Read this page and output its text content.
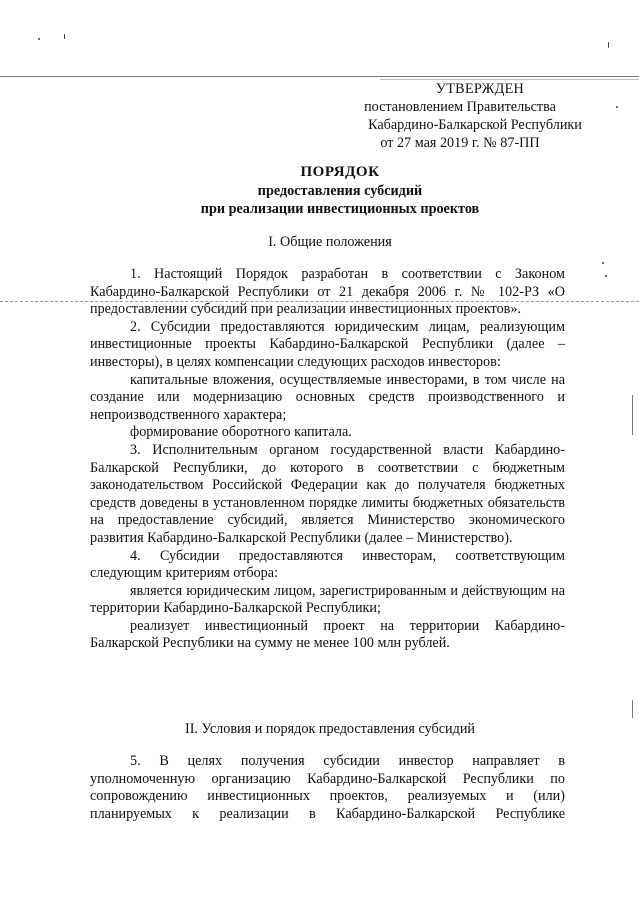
УТВЕРЖДЕН
постановлением Правительства
Кабардино-Балкарской Республики
от 27 мая 2019 г. № 87-ПП
ПОРЯДОК
предоставления субсидий
при реализации инвестиционных проектов
I. Общие положения

1. Настоящий Порядок разработан в соответствии с Законом Кабардино-Балкарской Республики от 21 декабря 2006 г. № 102-РЗ «О предоставлении субсидий при реализации инвестиционных проектов».

2. Субсидии предоставляются юридическим лицам, реализующим инвестиционные проекты Кабардино-Балкарской Республики (далее – инвесторы), в целях компенсации следующих расходов инвесторов:

капитальные вложения, осуществляемые инвесторами, в том числе на создание или модернизацию основных средств производственного и непроизводственного характера;

формирование оборотного капитала.

3. Исполнительным органом государственной власти Кабардино-Балкарской Республики, до которого в соответствии с бюджетным законодательством Российской Федерации как до получателя бюджетных средств доведены в установленном порядке лимиты бюджетных обязательств на предоставление субсидий, является Министерство экономического развития Кабардино-Балкарской Республики (далее – Министерство).

4. Субсидии предоставляются инвесторам, соответствующим следующим критериям отбора:

является юридическим лицом, зарегистрированным и действующим на территории Кабардино-Балкарской Республики;

реализует инвестиционный проект на территории Кабардино-Балкарской Республики на сумму не менее 100 млн рублей.

II. Условия и порядок предоставления субсидий

5. В целях получения субсидии инвестор направляет в уполномоченную организацию Кабардино-Балкарской Республики по сопровождению инвестиционных проектов, реализуемых и (или) планируемых к реализации в Кабардино-Балкарской Республике
